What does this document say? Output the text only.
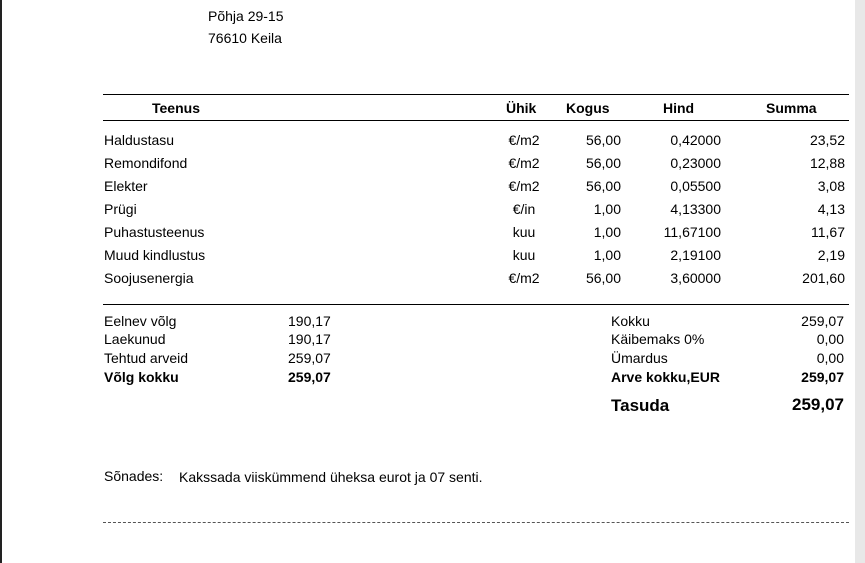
Põhja 29-15
76610 Keila
Teenus	Ühik Kogus	Hind	Summa
Haldustasu	€/m2	56,00	0,42000	23,52
Remondifond	€/m2	56,00	0,23000	12,88
Elekter	€/m2	56,00	0,05500	3,08
Prügi	€/in	1,00	4,13300	4,13
Puhastusteenus	kuu	1,00	11,67100	11,67
Muud kindlustus	kuu	1,00	2,19100	2,19
Soojusenergia	€/m2	56,00	3,60000	201,60
Eelnev võlg	190,17
Laekunud	190,17
Tehtud arveid	259,07
Võlg kokku	259,07
Kokku	259,07
Käibemaks 0%	0,00
Ümardus	0,00
Arve kokku,EUR	259,07
Tasuda	259,07
Sõnades: Kakssada viiskümmend üheksa eurot ja 07 senti.
